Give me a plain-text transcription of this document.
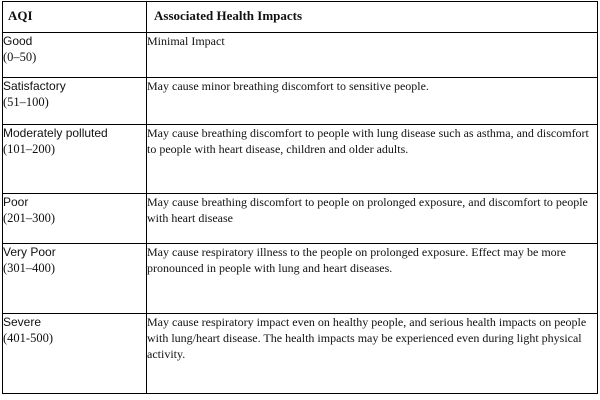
AQI	Associated Health Impacts
Good
(0–50)	Minimal Impact
Satisfactory
(51–100)	May cause minor breathing discomfort to sensitive people.
Moderately polluted
(101–200)	May cause breathing discomfort to people with lung disease such as asthma, and discomfort to people with heart disease, children and older adults.
Poor
(201–300)	May cause breathing discomfort to people on prolonged exposure, and discomfort to people with heart disease
Very Poor
(301–400)	May cause respiratory illness to the people on prolonged exposure. Effect may be more pronounced in people with lung and heart diseases.
Severe
(401-500)	May cause respiratory impact even on healthy people, and serious health impacts on people with lung/heart disease. The health impacts may be experienced even during light physical activity.
